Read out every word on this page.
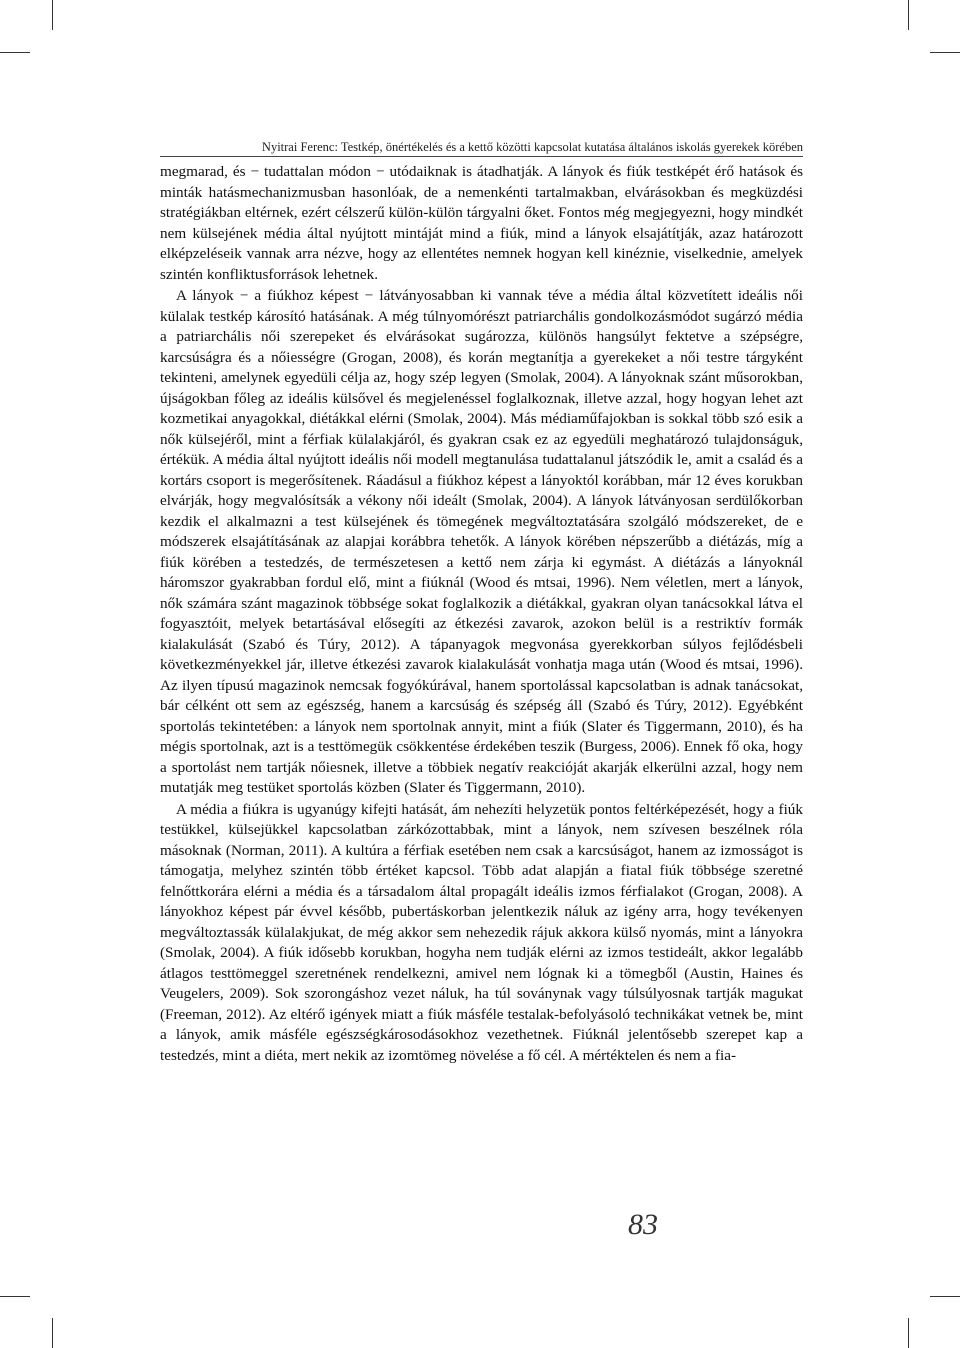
Nyitrai Ferenc: Testkép, önértékelés és a kettő közötti kapcsolat kutatása általános iskolás gyerekek körében

megmarad, és − tudattalan módon − utódaiknak is átadhatják. A lányok és fiúk testképét érő hatások és minták hatásmechanizmusban hasonlóak, de a nemenkénti tartalmakban, elvárásokban és megküzdési stratégiákban eltérnek, ezért célszerű külön-külön tárgyalni őket. Fontos még megjegyezni, hogy mindkét nem külsejének média által nyújtott mintáját mind a fiúk, mind a lányok elsajátítják, azaz határozott elképzeléseik vannak arra nézve, hogy az ellentétes nemnek hogyan kell kinéznie, viselkednie, amelyek szintén konfliktusforrások lehetnek.

A lányok − a fiúkhoz képest − látványosabban ki vannak téve a média által közvetített ideális női külalak testkép károsító hatásának. A még túlnyomórészt patriarchális gondolkozásmódot sugárzó média a patriarchális női szerepeket és elvárásokat sugározza, különös hangsúlyt fektetve a szépségre, karcsúságra és a nőiességre (Grogan, 2008), és korán megtanítja a gyerekeket a női testre tárgyként tekinteni, amelynek egyedüli célja az, hogy szép legyen (Smolak, 2004). A lányoknak szánt műsorokban, újságokban főleg az ideális külsővel és megjelenéssel foglalkoznak, illetve azzal, hogy hogyan lehet azt kozmetikai anyagokkal, diétákkal elérni (Smolak, 2004). Más médiaműfajokban is sokkal több szó esik a nők külsejéről, mint a férfiak külalakjáról, és gyakran csak ez az egyedüli meghatározó tulajdonságuk, értékük. A média által nyújtott ideális női modell megtanulása tudattalanul játszódik le, amit a család és a kortárs csoport is megerősítenek. Ráadásul a fiúkhoz képest a lányoktól korábban, már 12 éves korukban elvárják, hogy megvalósítsák a vékony női ideált (Smolak, 2004). A lányok látványosan serdülőkorban kezdik el alkalmazni a test külsejének és tömegének megváltoztatására szolgáló módszereket, de e módszerek elsajátításának az alapjai korábbra tehetők. A lányok körében népszerűbb a diétázás, míg a fiúk körében a testedzés, de természetesen a kettő nem zárja ki egymást. A diétázás a lányoknál háromszor gyakrabban fordul elő, mint a fiúknál (Wood és mtsai, 1996). Nem véletlen, mert a lányok, nők számára szánt magazinok többsége sokat foglalkozik a diétákkal, gyakran olyan tanácsokkal látva el fogyasztóit, melyek betartásával elősegíti az étkezési zavarok, azokon belül is a restriktív formák kialakulását (Szabó és Túry, 2012). A tápanyagok megvonása gyerekkorban súlyos fejlődésbeli következményekkel jár, illetve étkezési zavarok kialakulását vonhatja maga után (Wood és mtsai, 1996). Az ilyen típusú magazinok nemcsak fogyókúrával, hanem sportolással kapcsolatban is adnak tanácsokat, bár célként ott sem az egészség, hanem a karcsúság és szépség áll (Szabó és Túry, 2012). Egyébként sportolás tekintetében: a lányok nem sportolnak annyit, mint a fiúk (Slater és Tiggermann, 2010), és ha mégis sportolnak, azt is a testtömegük csökkentése érdekében teszik (Burgess, 2006). Ennek fő oka, hogy a sportolást nem tartják nőiesnek, illetve a többiek negatív reakcióját akarják elkerülni azzal, hogy nem mutatják meg testüket sportolás közben (Slater és Tiggermann, 2010).

A média a fiúkra is ugyanúgy kifejti hatását, ám nehezíti helyzetük pontos feltérképezését, hogy a fiúk testükkel, külsejükkel kapcsolatban zárkózottabbak, mint a lányok, nem szívesen beszélnek róla másoknak (Norman, 2011). A kultúra a férfiak esetében nem csak a karcsúságot, hanem az izmosságot is támogatja, melyhez szintén több értéket kapcsol. Több adat alapján a fiatal fiúk többsége szeretné felnőttkorára elérni a média és a társadalom által propagált ideális izmos férfialakot (Grogan, 2008). A lányokhoz képest pár évvel később, pubertáskorban jelentkezik náluk az igény arra, hogy tevékenyen megváltoztassák külalakjukat, de még akkor sem nehezedik rájuk akkora külső nyomás, mint a lányokra (Smolak, 2004). A fiúk idősebb korukban, hogyha nem tudják elérni az izmos testideált, akkor legalább átlagos testtömeggel szeretnének rendelkezni, amivel nem lógnak ki a tömegből (Austin, Haines és Veugelers, 2009). Sok szorongáshoz vezet náluk, ha túl soványnak vagy túlsúlyosnak tartják magukat (Freeman, 2012). Az eltérő igények miatt a fiúk másféle testalak-befolyásoló technikákat vetnek be, mint a lányok, amik másféle egészségkárosodásokhoz vezethetnek. Fiúknál jelentősebb szerepet kap a testedzés, mint a diéta, mert nekik az izomtömeg növelése a fő cél. A mértéktelen és nem a fia-

83
